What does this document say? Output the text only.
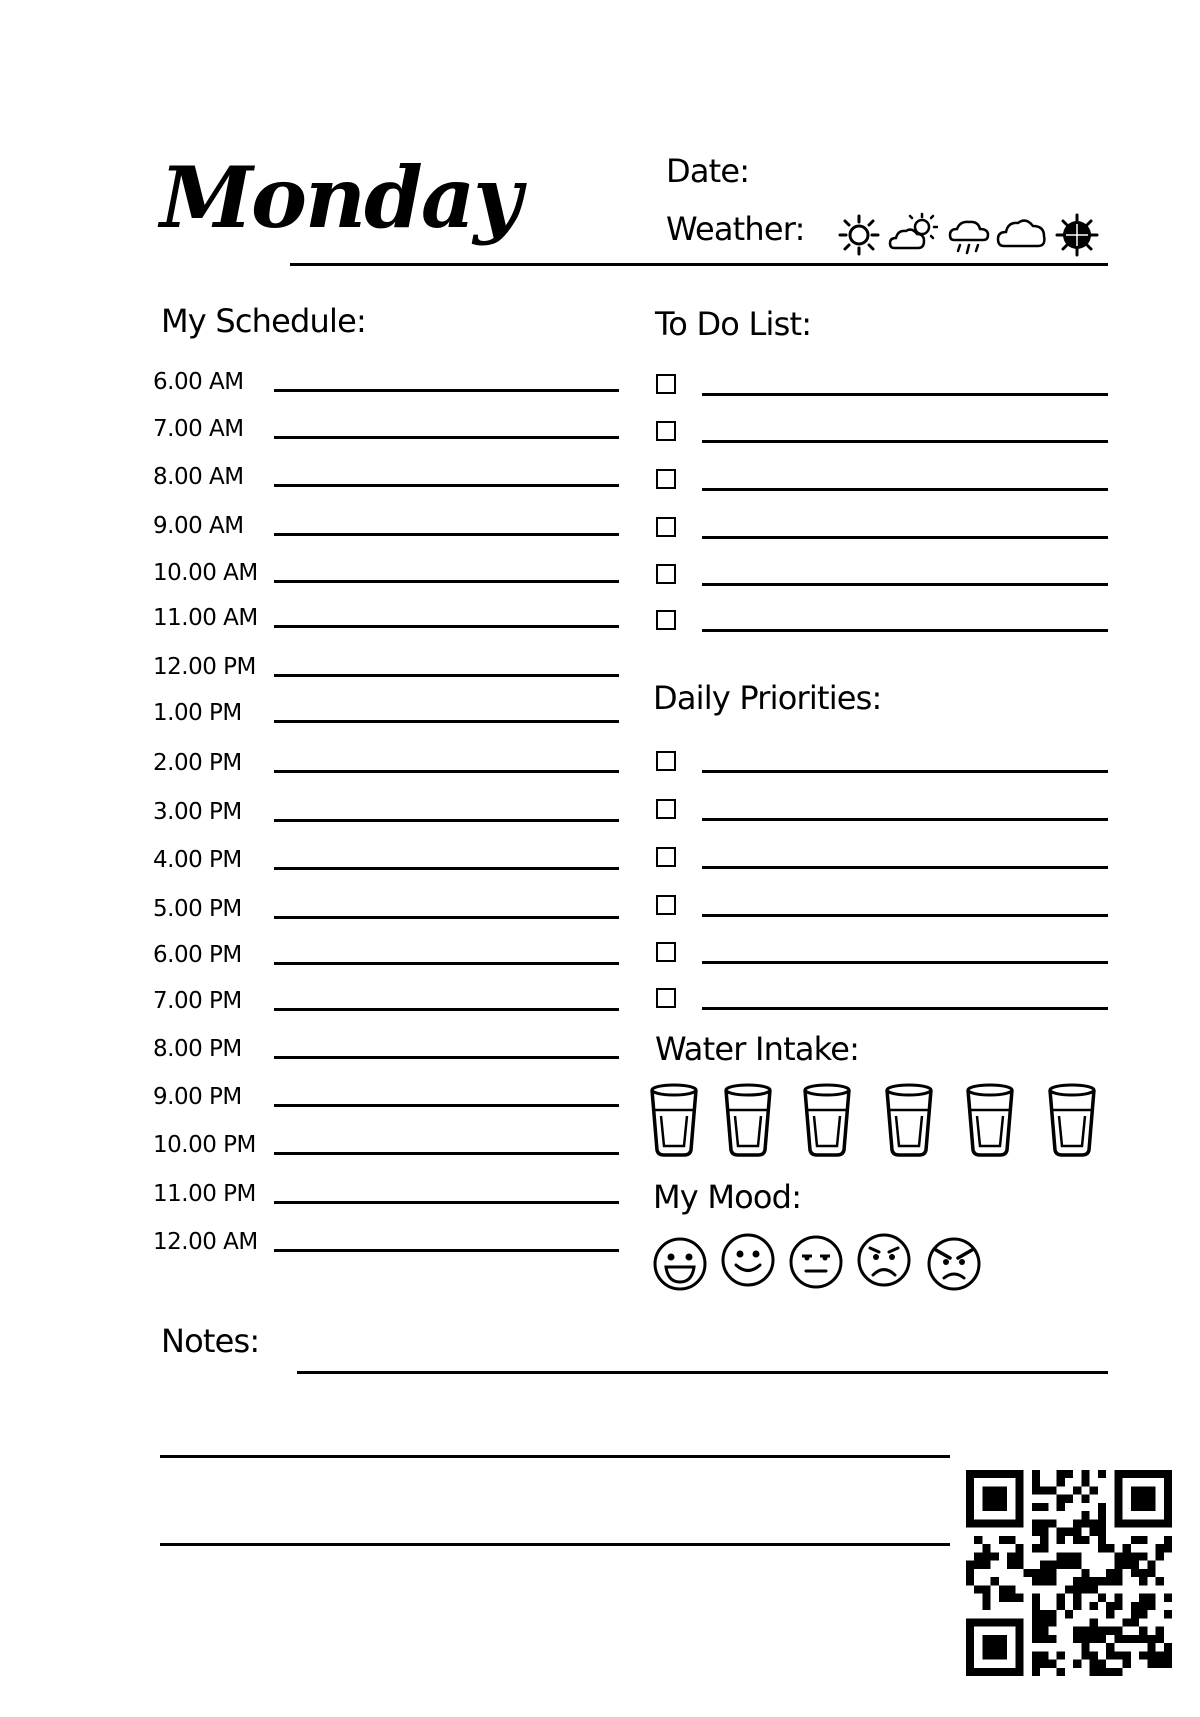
Monday	Date:
Weather:
My Schedule:
6.00 AM
7.00 AM
8.00 AM
9.00 AM
10.00 AM
11.00 AM
12.00 PM
1.00 PM
2.00 PM
3.00 PM
4.00 PM
5.00 PM
6.00 PM
7.00 PM
8.00 PM
9.00 PM
10.00 PM
11.00 PM
12.00 AM
To Do List:
Daily Priorities:
Water Intake:
My Mood:
Notes:
